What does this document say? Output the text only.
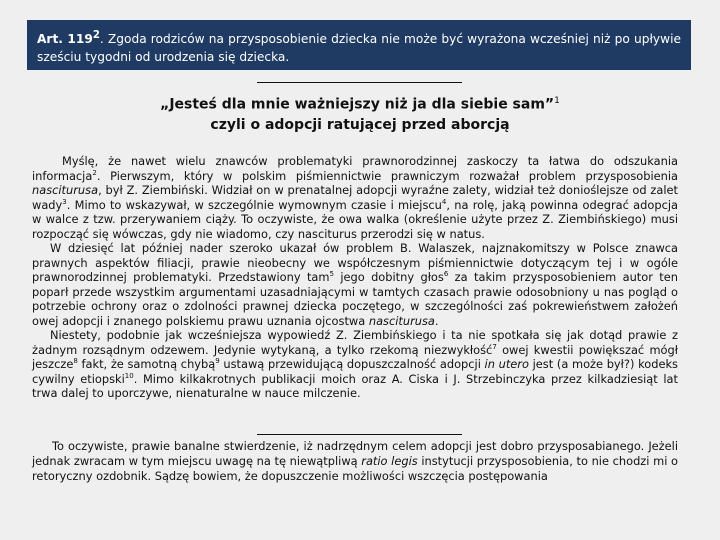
Art. $119^2$. Zgoda rodziców na przysposobienie dziecka nie może być wyrażona wcześniej niż po upływie sześciu tygodni od urodzenia się dziecka.
„Jesteś dla mnie ważniejszy niż ja dla siebie sam”$^1$
czyli o adopcji ratującej przed aborcją

Myślę, że nawet wielu znawców problematyki prawnorodzinnej zaskoczy ta łatwa do odszukania informacja$^2$. Pierwszym, który w polskim piśmiennictwie prawniczym rozważał problem przysposobienia nasciturusa, był Z. Ziembiński. Widział on w prenatalnej adopcji wyraźne zalety, widział też donioślejsze od zalet wady$^3$. Mimo to wskazywał, w szczególnie wymownym czasie i miejscu$^4$, na rolę, jaką powinna odegrać adopcja w walce z tzw. przerywaniem ciąży. To oczywiste, że owa walka (określenie użyte przez Z. Ziembińskiego) musi rozpocząć się wówczas, gdy nie wiadomo, czy nasciturus przerodzi się w natus.

W dziesięć lat później nader szeroko ukazał ów problem B. Walaszek, najznakomitszy w Polsce znawca prawnych aspektów filiacji, prawie nieobecny we współczesnym piśmiennictwie dotyczącym tej i w ogóle prawnorodzinnej problematyki. Przedstawiony tam$^5$ jego dobitny głos$^6$ za takim przysposobieniem autor ten poparł przede wszystkim argumentami uzasadniającymi w tamtych czasach prawie odosobniony u nas pogląd o potrzebie ochrony oraz o zdolności prawnej dziecka poczętego, w szczególności zaś pokrewieństwem założeń owej adopcji i znanego polskiemu prawu uznania ojcostwa nasciturusa.

Niestety, podobnie jak wcześniejsza wypowiedź Z. Ziembińskiego i ta nie spotkała się jak dotąd prawie z żadnym rozsądnym odzewem. Jedynie wytykaną, a tylko rzekomą niezwykłość$^7$ owej kwestii powiększać mógł jeszcze$^8$ fakt, że samotną chybą$^9$ ustawą przewidującą dopuszczalność adopcji in utero jest (a może był?) kodeks cywilny etiopski$^{10}$. Mimo kilkakrotnych publikacji moich oraz A. Ciska i J. Strzebinczyka przez kilkadziesiąt lat trwa dalej to uporczywe, nienaturalne w nauce milczenie.

To oczywiste, prawie banalne stwierdzenie, iż nadrzędnym celem adopcji jest dobro przysposabianego. Jeżeli jednak zwracam w tym miejscu uwagę na tę niewątpliwą ratio legis instytucji przysposobienia, to nie chodzi mi o retoryczny ozdobnik. Sądzę bowiem, że dopuszczenie możliwości wszczęcia postępowania
